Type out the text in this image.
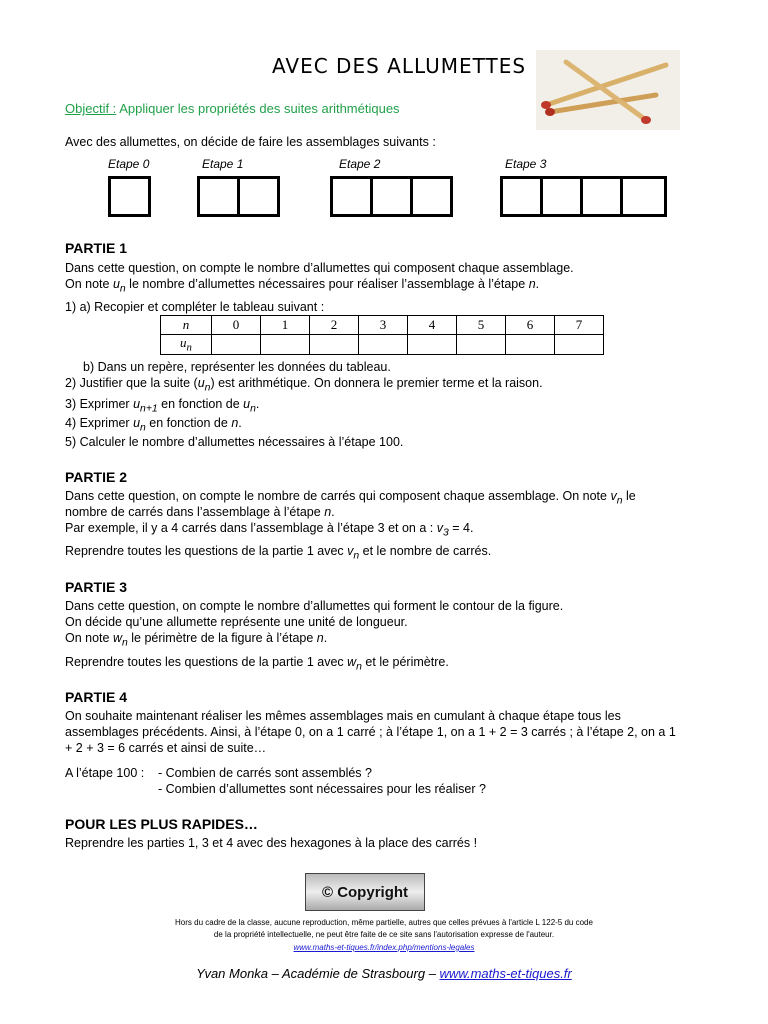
AVEC DES ALLUMETTES
Objectif : Appliquer les propriétés des suites arithmétiques
Avec des allumettes, on décide de faire les assemblages suivants :
Etape 0	Etape 1	Etape 2	Etape 3
PARTIE 1
Dans cette question, on compte le nombre d’allumettes qui composent chaque assemblage.
On note $u_n$ le nombre d’allumettes nécessaires pour réaliser l’assemblage à l’étape n.
1) a) Recopier et compléter le tableau suivant :
n	0	1	2	3	4	5	6	7
$u_n$								
b) Dans un repère, représenter les données du tableau.
2) Justifier que la suite $(u_n)$ est arithmétique. On donnera le premier terme et la raison.
3) Exprimer $u_{n+1}$ en fonction de $u_n$.
4) Exprimer $u_n$ en fonction de n.
5) Calculer le nombre d’allumettes nécessaires à l’étape 100.
PARTIE 2
Dans cette question, on compte le nombre de carrés qui composent chaque assemblage. On note $v_n$ le
nombre de carrés dans l’assemblage à l’étape n.
Par exemple, il y a 4 carrés dans l’assemblage à l’étape 3 et on a : $v_3 = 4$.
Reprendre toutes les questions de la partie 1 avec $v_n$ et le nombre de carrés.
PARTIE 3
Dans cette question, on compte le nombre d’allumettes qui forment le contour de la figure.
On décide qu’une allumette représente une unité de longueur.
On note $w_n$ le périmètre de la figure à l’étape n.
Reprendre toutes les questions de la partie 1 avec $w_n$ et le périmètre.
PARTIE 4
On souhaite maintenant réaliser les mêmes assemblages mais en cumulant à chaque étape tous les
assemblages précédents. Ainsi, à l’étape 0, on a 1 carré ; à l’étape 1, on a 1 + 2 = 3 carrés ; à l’étape 2, on a 1
+ 2 + 3 = 6 carrés et ainsi de suite…
A l’étape 100 : - Combien de carrés sont assemblés ?
- Combien d’allumettes sont nécessaires pour les réaliser ?
POUR LES PLUS RAPIDES…
Reprendre les parties 1, 3 et 4 avec des hexagones à la place des carrés !
© Copyright
Hors du cadre de la classe, aucune reproduction, même partielle, autres que celles prévues à l'article L 122-5 du code
de la propriété intellectuelle, ne peut être faite de ce site sans l'autorisation expresse de l'auteur.
www.maths-et-tiques.fr/index.php/mentions-legales
Yvan Monka – Académie de Strasbourg – www.maths-et-tiques.fr
